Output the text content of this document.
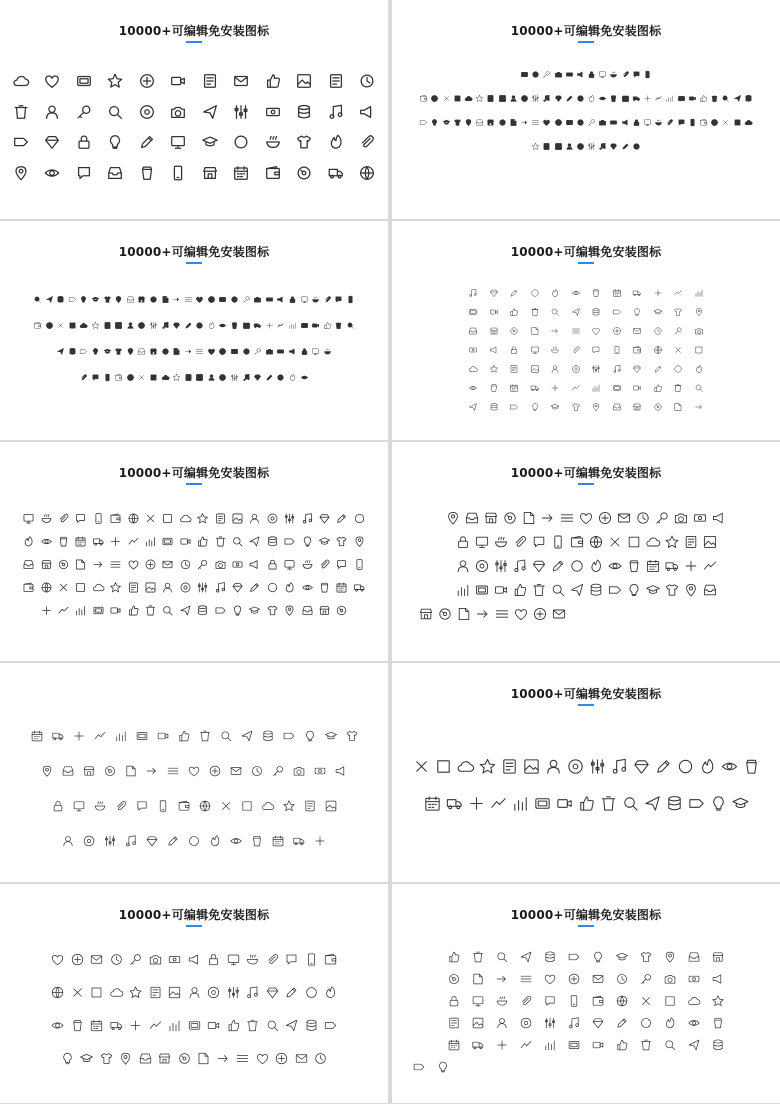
10000+可编辑免安装图标	10000+可编辑免安装图标
10000+可编辑免安装图标	10000+可编辑免安装图标
10000+可编辑免安装图标	10000+可编辑免安装图标
10000+可编辑免安装图标
10000+可编辑免安装图标	10000+可编辑免安装图标
